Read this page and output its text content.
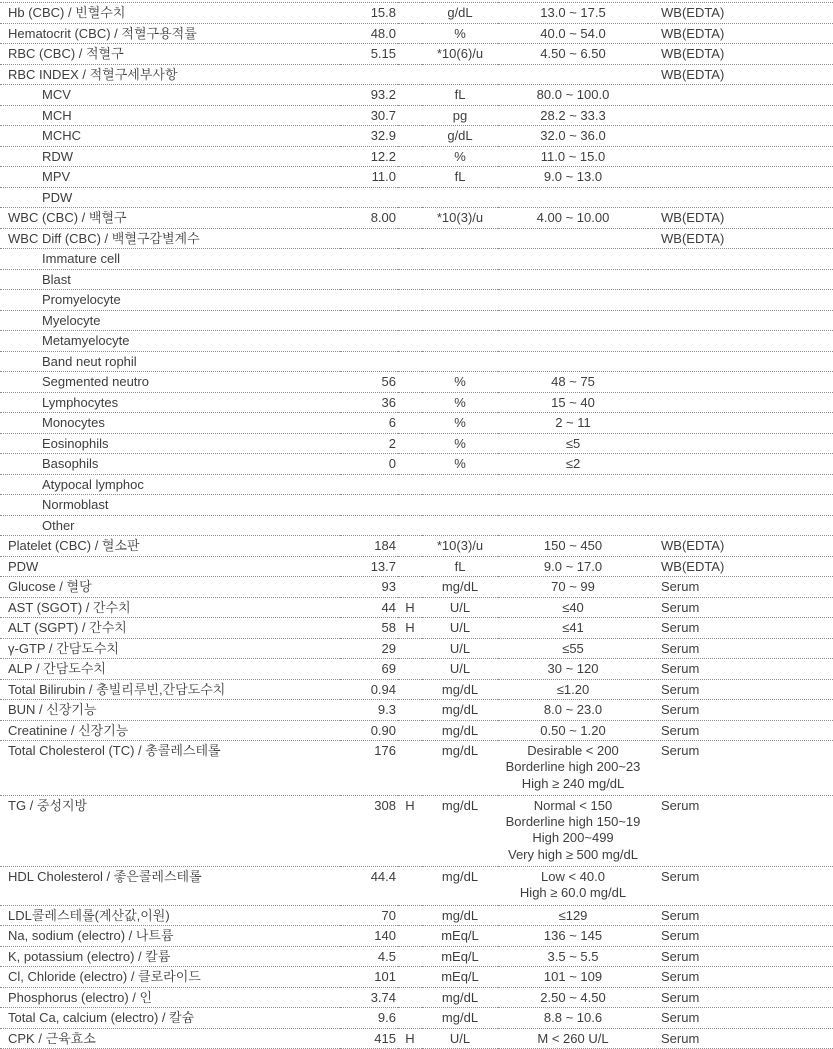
Hb (CBC) / 빈혈수치	15.8		g/dL	13.0 ~ 17.5	WB(EDTA)
Hematocrit (CBC) / 적혈구용적률	48.0		%	40.0 ~ 54.0	WB(EDTA)
RBC (CBC) / 적혈구	5.15		*10(6)/u	4.50 ~ 6.50	WB(EDTA)
RBC INDEX / 적혈구세부사항					WB(EDTA)
MCV	93.2		fL	80.0 ~ 100.0	

MCH	30.7		pg	28.2 ~ 33.3	

MCHC	32.9		g/dL	32.0 ~ 36.0	

RDW	12.2		%	11.0 ~ 15.0	

MPV	11.0		fL	9.0 ~ 13.0	

PDW					
WBC (CBC) / 백혈구	8.00		*10(3)/u	4.00 ~ 10.00	WB(EDTA)
WBC Diff (CBC) / 백혈구감별계수					WB(EDTA)
Immature cell					
Blast					
Promyelocyte					
Myelocyte					
Metamyelocyte					
Band neut rophil					
Segmented neutro	56		%	48 ~ 75	

Lymphocytes	36		%	15 ~ 40	

Monocytes	6		%	2 ~ 11	

Eosinophils	2		%	≤5	

Basophils	0		%	≤2	

Atypocal lymphoc					
Normoblast					
Other					
Platelet (CBC) / 혈소판	184		*10(3)/u	150 ~ 450	WB(EDTA)
PDW	13.7		fL	9.0 ~ 17.0	WB(EDTA)
Glucose / 혈당	93		mg/dL	70 ~ 99	Serum
AST (SGOT) / 간수치	44	H	U/L	≤40	Serum
ALT (SGPT) / 간수치	58	H	U/L	≤41	Serum
γ-GTP / 간담도수치	29		U/L	≤55	Serum
ALP / 간담도수치	69		U/L	30 ~ 120	Serum
Total Bilirubin / 총빌리루빈,간담도수치	0.94		mg/dL	≤1.20	Serum
BUN / 신장기능	9.3		mg/dL	8.0 ~ 23.0	Serum
Creatinine / 신장기능	0.90		mg/dL	0.50 ~ 1.20	Serum
Total Cholesterol (TC) / 총콜레스테롤	176		mg/dL	Desirable < 200
Borderline high 200~23
High ≥ 240 mg/dL	Serum
TG / 중성지방	308	H	mg/dL	Normal < 150
Borderline high 150~19
High 200~499
Very high ≥ 500 mg/dL	Serum
HDL Cholesterol / 좋은콜레스테롤	44.4		mg/dL	Low < 40.0
High ≥ 60.0 mg/dL	Serum
LDL콜레스테롤(계산값,이원)	70		mg/dL	≤129	Serum
Na, sodium (electro) / 나트륨	140		mEq/L	136 ~ 145	Serum
K, potassium (electro) / 칼륨	4.5		mEq/L	3.5 ~ 5.5	Serum
Cl, Chloride (electro) / 클로라이드	101		mEq/L	101 ~ 109	Serum
Phosphorus (electro) / 인	3.74		mg/dL	2.50 ~ 4.50	Serum
Total Ca, calcium (electro) / 칼슘	9.6		mg/dL	8.8 ~ 10.6	Serum
CPK / 근육효소	415	H	U/L	M < 260 U/L	Serum
